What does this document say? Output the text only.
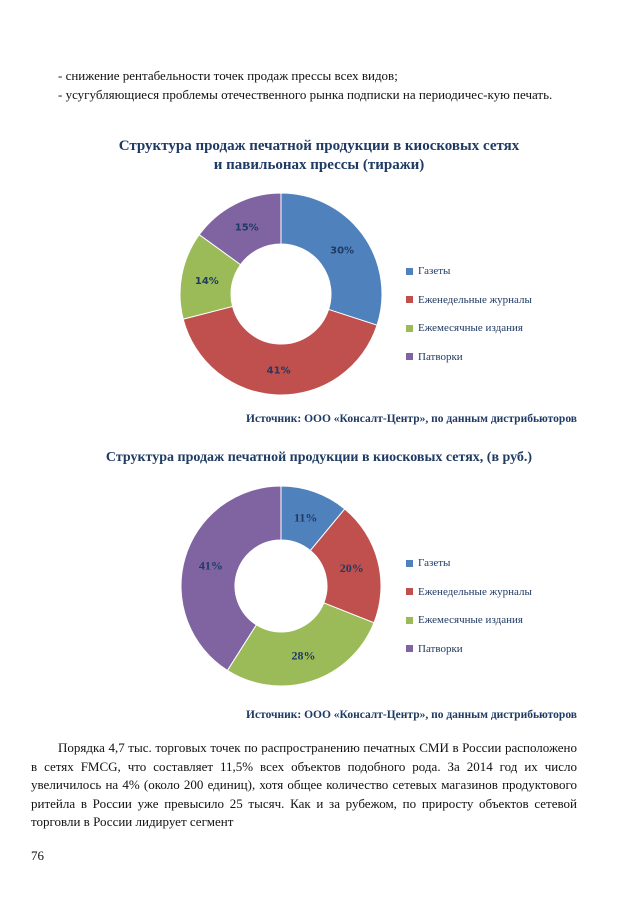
- снижение рентабельности точек продаж прессы всех видов;
- усугубляющиеся проблемы отечественного рынка подписки на периодичес-кую печать.
Структура продаж печатной продукции в киосковых сетях
и павильонах прессы (тиражи)
30%
41%
14%
15%
Газеты
Еженедельные журналы
Ежемесячные издания
Патворки
Источник: ООО «Консалт-Центр», по данным дистрибьюторов
Структура продаж печатной продукции в киосковых сетях, (в руб.)
11%
20%
28%
41%	Газеты
Еженедельные журналы
Ежемесячные издания
Патворки
Источник: ООО «Консалт-Центр», по данным дистрибьюторов
Порядка 4,7 тыс. торговых точек по распространению печатных СМИ в России расположено в сетях FMCG, что составляет 11,5% всех объектов подобного рода. За 2014 год их число увеличилось на 4% (около 200 единиц), хотя общее количество сетевых магазинов продуктового ритейла в России уже превысило 25 тысяч. Как и за рубежом, по приросту объектов сетевой торговли в России лидирует сегмент
76
